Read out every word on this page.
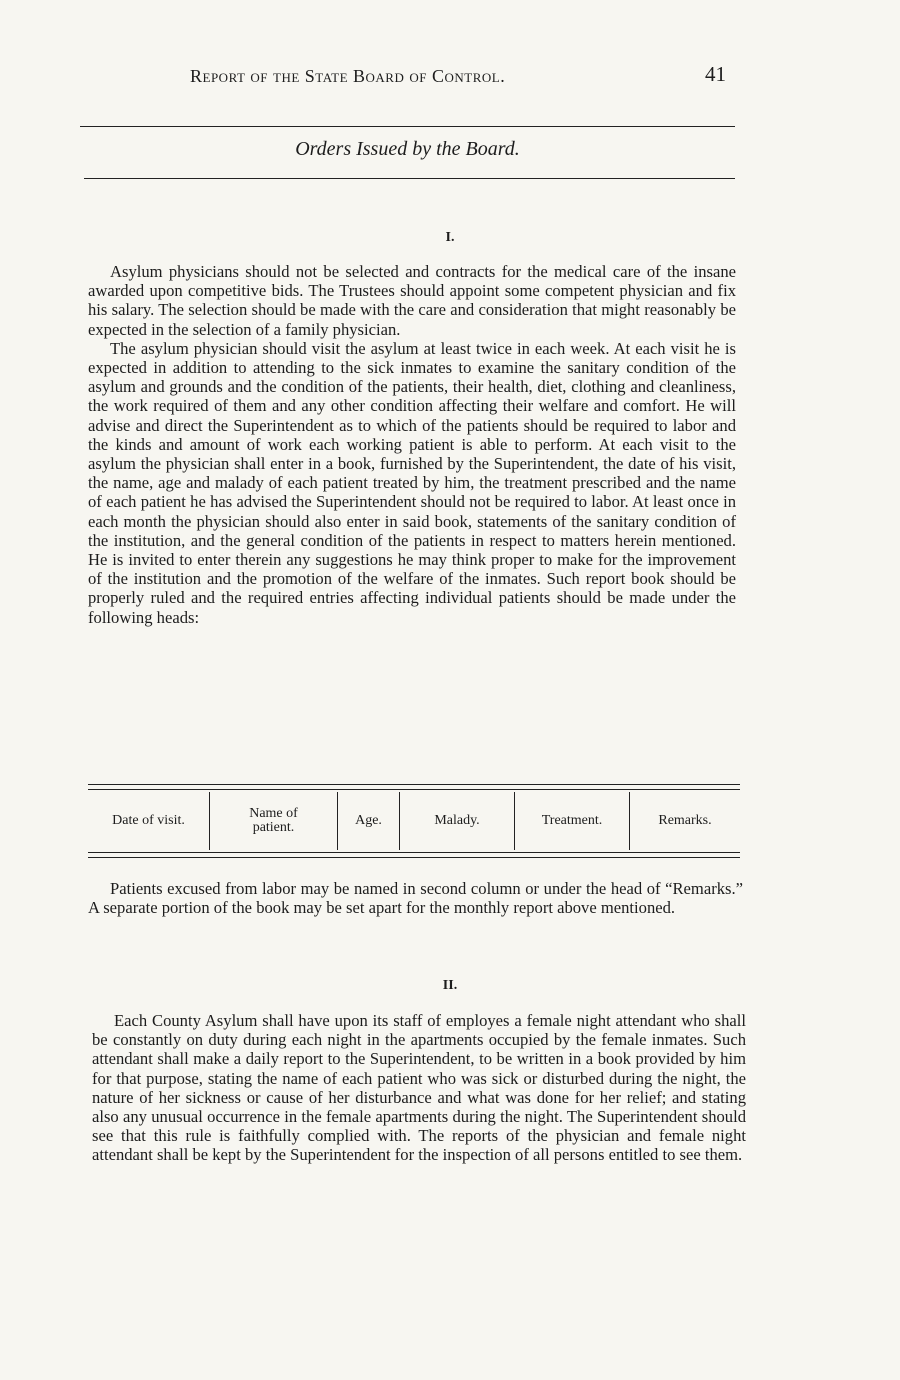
Report of the State Board of Control.	41
Orders Issued by the Board.
I.

Asylum physicians should not be selected and contracts for the medical care of the insane awarded upon competitive bids. The Trustees should appoint some competent physician and fix his salary. The selection should be made with the care and consideration that might reasonably be expected in the selection of a family physician.

The asylum physician should visit the asylum at least twice in each week. At each visit he is expected in addition to attending to the sick inmates to examine the sanitary condition of the asylum and grounds and the condition of the patients, their health, diet, clothing and cleanliness, the work required of them and any other condition affecting their welfare and comfort. He will advise and direct the Superintendent as to which of the patients should be required to labor and the kinds and amount of work each working patient is able to perform. At each visit to the asylum the physician shall enter in a book, furnished by the Superintendent, the date of his visit, the name, age and malady of each patient treated by him, the treatment prescribed and the name of each patient he has advised the Superintendent should not be required to labor. At least once in each month the physician should also enter in said book, statements of the sanitary condition of the institution, and the general condition of the patients in respect to matters herein mentioned. He is invited to enter therein any suggestions he may think proper to make for the improvement of the institution and the promotion of the welfare of the inmates. Such report book should be properly ruled and the required entries affecting individual patients should be made under the following heads:

Date of visit.	Name of patient.	Age.	Malady.	Treatment.	Remarks.

Patients excused from labor may be named in second column or under the head of “Remarks.” A separate portion of the book may be set apart for the monthly report above mentioned.

II.

Each County Asylum shall have upon its staff of employes a female night attendant who shall be constantly on duty during each night in the apartments occupied by the female inmates. Such attendant shall make a daily report to the Superintendent, to be written in a book provided by him for that purpose, stating the name of each patient who was sick or disturbed during the night, the nature of her sickness or cause of her disturbance and what was done for her relief; and stating also any unusual occurrence in the female apartments during the night. The Superintendent should see that this rule is faithfully complied with. The reports of the physician and female night attendant shall be kept by the Superintendent for the inspection of all persons entitled to see them.
